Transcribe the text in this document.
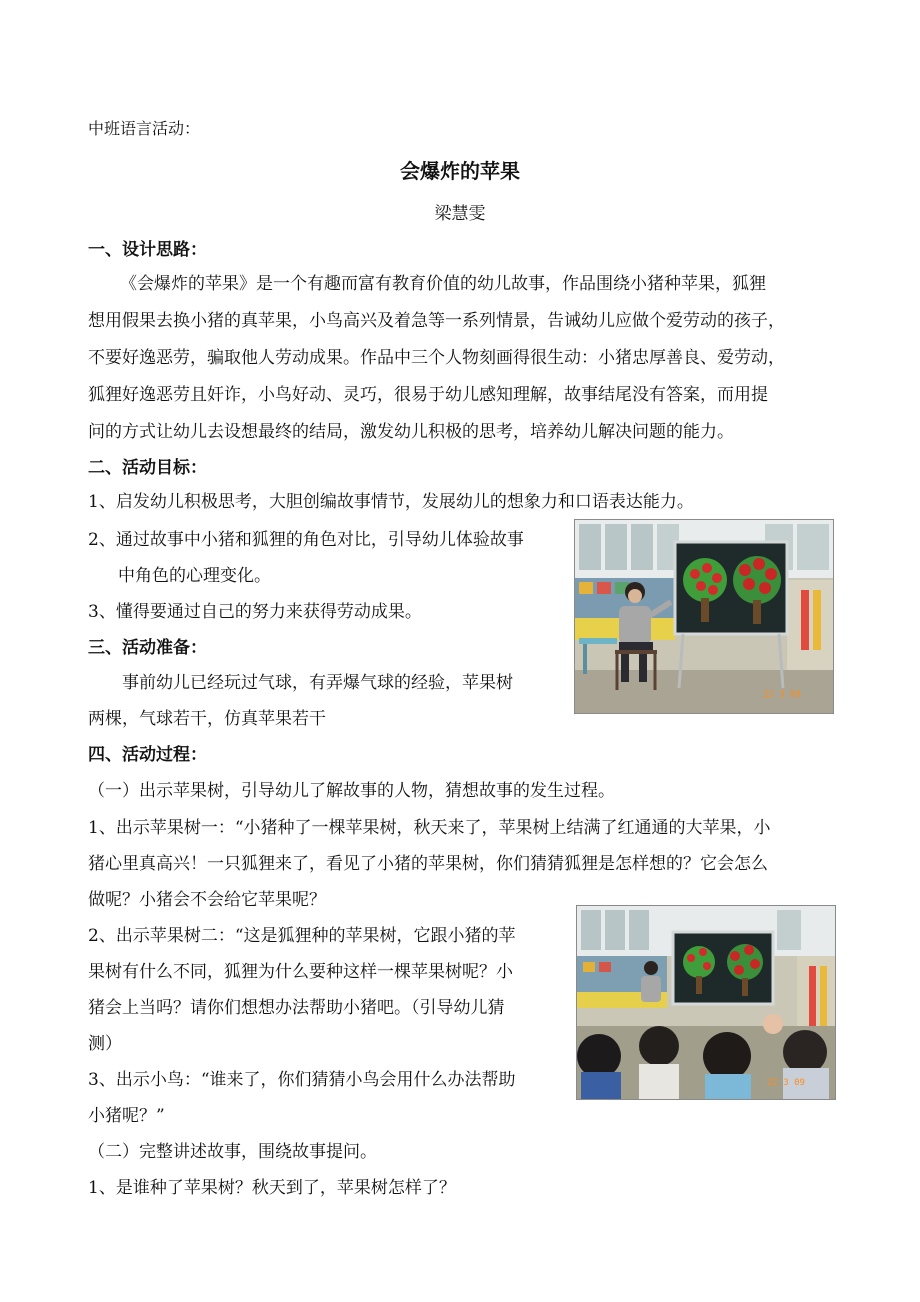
中班语言活动：
会爆炸的苹果
梁慧雯
一、设计思路：
《会爆炸的苹果》是一个有趣而富有教育价值的幼儿故事，作品围绕小猪种苹果，狐狸
想用假果去换小猪的真苹果，小鸟高兴及着急等一系列情景，告诫幼儿应做个爱劳动的孩子，
不要好逸恶劳，骗取他人劳动成果。作品中三个人物刻画得很生动：小猪忠厚善良、爱劳动，
狐狸好逸恶劳且奸诈，小鸟好动、灵巧，很易于幼儿感知理解，故事结尾没有答案，而用提
问的方式让幼儿去设想最终的结局，激发幼儿积极的思考，培养幼儿解决问题的能力。
二、活动目标：
1、启发幼儿积极思考，大胆创编故事情节，发展幼儿的想象力和口语表达能力。
2、通过故事中小猪和狐狸的角色对比，引导幼儿体验故事
中角色的心理变化。
3、懂得要通过自己的努力来获得劳动成果。
三、活动准备：
事前幼儿已经玩过气球，有弄爆气球的经验，苹果树
两棵，气球若干，仿真苹果若干
四、活动过程：
（一）出示苹果树，引导幼儿了解故事的人物，猜想故事的发生过程。
1、出示苹果树一：“小猪种了一棵苹果树，秋天来了，苹果树上结满了红通通的大苹果，小
猪心里真高兴！一只狐狸来了，看见了小猪的苹果树，你们猜猜狐狸是怎样想的？它会怎么
做呢？小猪会不会给它苹果呢？
2、出示苹果树二：“这是狐狸种的苹果树，它跟小猪的苹
果树有什么不同，狐狸为什么要种这样一棵苹果树呢？小
猪会上当吗？请你们想想办法帮助小猪吧。（引导幼儿猜
测）
3、出示小鸟：“谁来了，你们猜猜小鸟会用什么办法帮助
小猪呢？”
（二）完整讲述故事，围绕故事提问。
1、是谁种了苹果树？秋天到了，苹果树怎样了？
22 3 09
22 3 09
